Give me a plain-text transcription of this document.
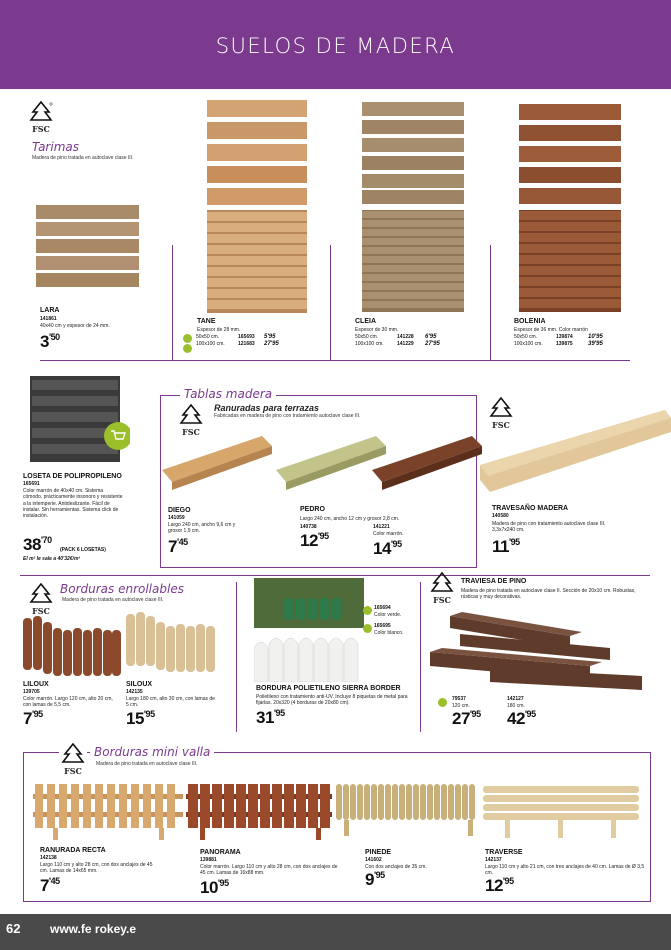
SUELOS DE MADERA
FSC
Tarimas
Madera de pino tratada en autoclave clase III.
LARA
141861
40x40 cm y espesor de 24 mm.
$3^{'50}$
TANE
Espesor de 28 mm.
50x50 cm.	165693 5'95
100x100 cm.	121683 27'95
CLEIA
Espesor de 30 mm.
50x50 cm.	141228 6'95
100x100 cm.	141229 27'95
BOLENIA
Espesor de 36 mm. Color marrón
50x50 cm.	139874	10'95
100x100 cm.	139875	39'95
LOSETA DE POLIPROPILENO
165691
Color marrón de 40x40 cm. Sistema cómodo, prácticamente insonoro y resistente a la intemperie. Antideslizante. Fácil de instalar. Sin herramientas. Sistema click de instalación.
$38^{'70}$
(PACK 6 LOSETAS)
El m² le sale a 40'32€/m²
Tablas madera
FSC
Ranuradas para terrazas
Fabricadas en madera de pino con tratamiento autoclave clase III.
DIEGO
141059
Largo 240 cm, ancho 9,6 cm y grosor 1,9 cm.
$7^{'45}$
PEDRO
Largo 240 cm, ancho 12 cm y grosor 2,8 cm.
140738	141221
Color marrón.
$12^{'95}$
$14^{'95}$
FSC
TRAVESAÑO MADERA
140580
Madera de pino con tratamiento autoclave clase III. 3,3x7x240 cm.
$11^{'95}$
FSC
Borduras enrollables
Madera de pino tratada en autoclave clase III.
LILOUX
139705
Color marrón. Largo 120 cm, alto 20 cm, con lamas de 5,5 cm.
$7^{'95}$
SILOUX
142135
Largo 180 cm, alto 30 cm, con lamas de 5 cm.
$15^{'95}$
165694
Color verde.
165695
Color blanco.
BORDURA POLIETILENO SIERRA BORDER
Polietileno con tratamiento anti-UV. Incluye 8 piquetas de metal para fijarlas. 20x320 (4 borduras de 20x80 cm).
$31^{'95}$
FSC
TRAVIESA DE PINO
Madera de pino tratada en autoclave clase II. Sección de 20x10 cm. Robustas, rústicas y muy decorativas.
79537
120 cm.
142127
180 cm.
$27^{'95}$ $42^{'95}$
FSC
Borduras mini valla
Madera de pino tratada en autoclave clase III.
RANURADA RECTA
142138
Largo 110 cm y alto 28 cm, con dos anclajes de 45 cm. Lamas de 14x65 mm.
$7^{'45}$
PANORAMA
139881
Color marrón. Largo 110 cm y alto 28 cm, con dos anclajes de 45 cm. Lamas de 16x88 mm.
$10^{'95}$
PINEDE
141602
Con dos anclajes de 35 cm.
$9^{'95}$
TRAVERSE
142137
Largo 110 cm y alto 21 cm, con tres anclajes de 40 cm. Lamas de Ø 3,5 cm.
$12^{'95}$
62 www.fe rokey.e
